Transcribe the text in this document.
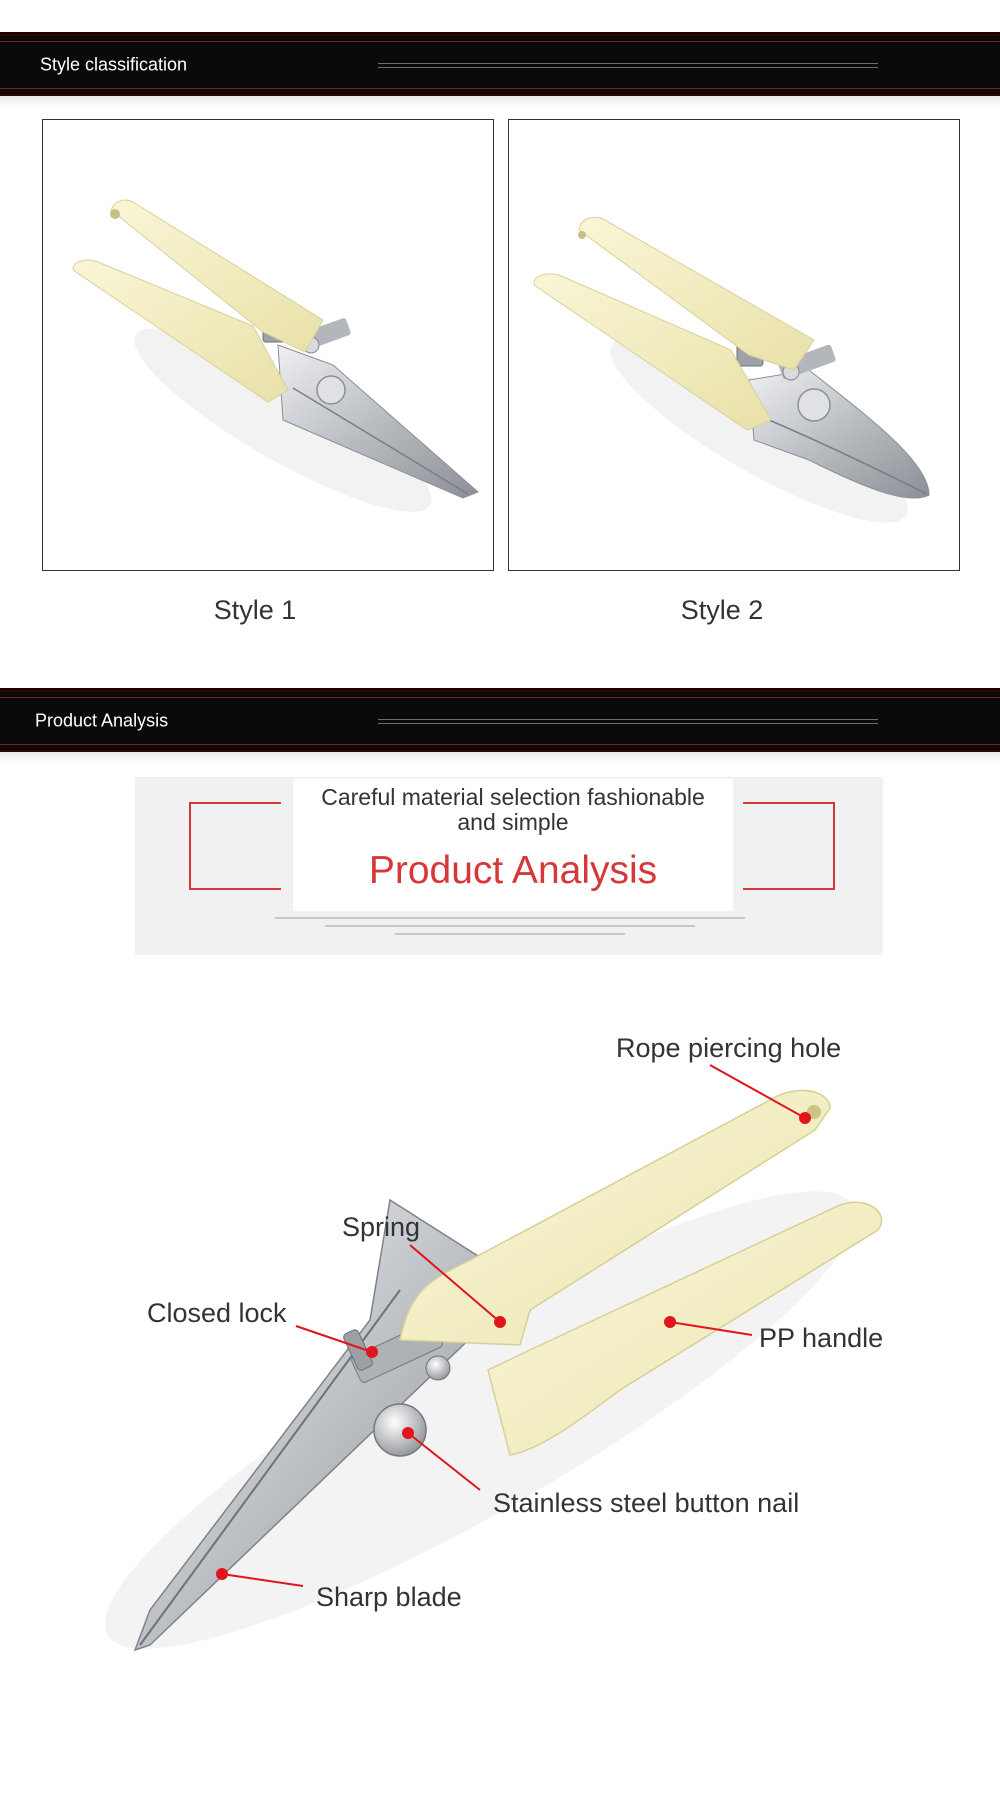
Style classification
Style 1	Style 2
Product Analysis
Careful material selection fashionable and simple
Product Analysis
Rope piercing hole
Spring
Closed lock
PP handle
Stainless steel button nail
Sharp blade
